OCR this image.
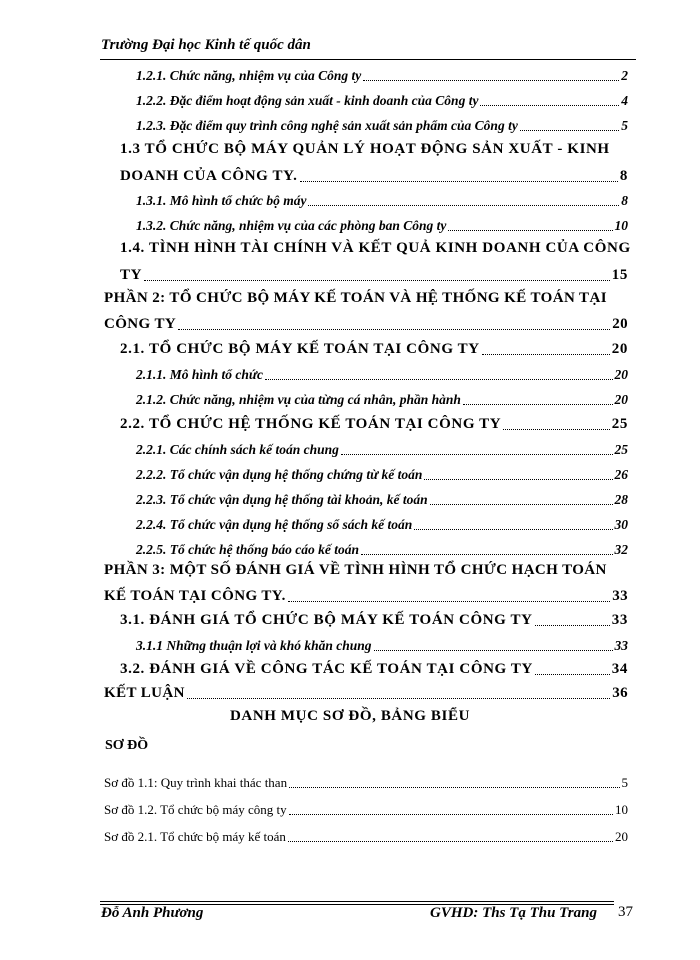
Trường Đại học Kinh tế quốc dân
1.2.1. Chức năng, nhiệm vụ của Công ty	2
1.2.2. Đặc điểm hoạt động sản xuất - kinh doanh của Công ty	4
1.2.3. Đặc điểm quy trình công nghệ sản xuất sản phẩm của Công ty	5
1.3 TỔ CHỨC BỘ MÁY QUẢN LÝ HOẠT ĐỘNG SẢN XUẤT - KINH
DOANH CỦA CÔNG TY.	8
1.3.1. Mô hình tổ chức bộ máy	8
1.3.2. Chức năng, nhiệm vụ của các phòng ban Công ty	10
1.4. TÌNH HÌNH TÀI CHÍNH VÀ KẾT QUẢ KINH DOANH CỦA CÔNG
TY	15
PHẦN 2: TỔ CHỨC BỘ MÁY KẾ TOÁN VÀ HỆ THỐNG KẾ TOÁN TẠI
CÔNG TY	20
2.1. TỔ CHỨC BỘ MÁY KẾ TOÁN TẠI CÔNG TY	20
2.1.1. Mô hình tổ chức	20
2.1.2. Chức năng, nhiệm vụ của từng cá nhân, phần hành	20
2.2. TỔ CHỨC HỆ THỐNG KẾ TOÁN TẠI CÔNG TY	25
2.2.1. Các chính sách kế toán chung	25
2.2.2. Tổ chức vận dụng hệ thống chứng từ kế toán	26
2.2.3. Tổ chức vận dụng hệ thống tài khoản, kế toán	28
2.2.4. Tổ chức vận dụng hệ thống sổ sách kế toán	30
2.2.5. Tổ chức hệ thống báo cáo kế toán	32
PHẦN 3: MỘT SỐ ĐÁNH GIÁ VỀ TÌNH HÌNH TỔ CHỨC HẠCH TOÁN
KẾ TOÁN TẠI CÔNG TY.	33
3.1. ĐÁNH GIÁ TỔ CHỨC BỘ MÁY KẾ TOÁN CÔNG TY	33
3.1.1 Những thuận lợi và khó khăn chung	33
3.2. ĐÁNH GIÁ VỀ CÔNG TÁC KẾ TOÁN TẠI CÔNG TY	34
KẾT LUẬN	36
DANH MỤC SƠ ĐỒ, BẢNG BIỂU
SƠ ĐỒ
Sơ đồ 1.1: Quy trình khai thác than	5
Sơ đồ 1.2. Tổ chức bộ máy công ty	10
Sơ đồ 2.1. Tổ chức bộ máy kế toán	20
Đỗ Anh Phương	GVHD: Ths Tạ Thu Trang 37
